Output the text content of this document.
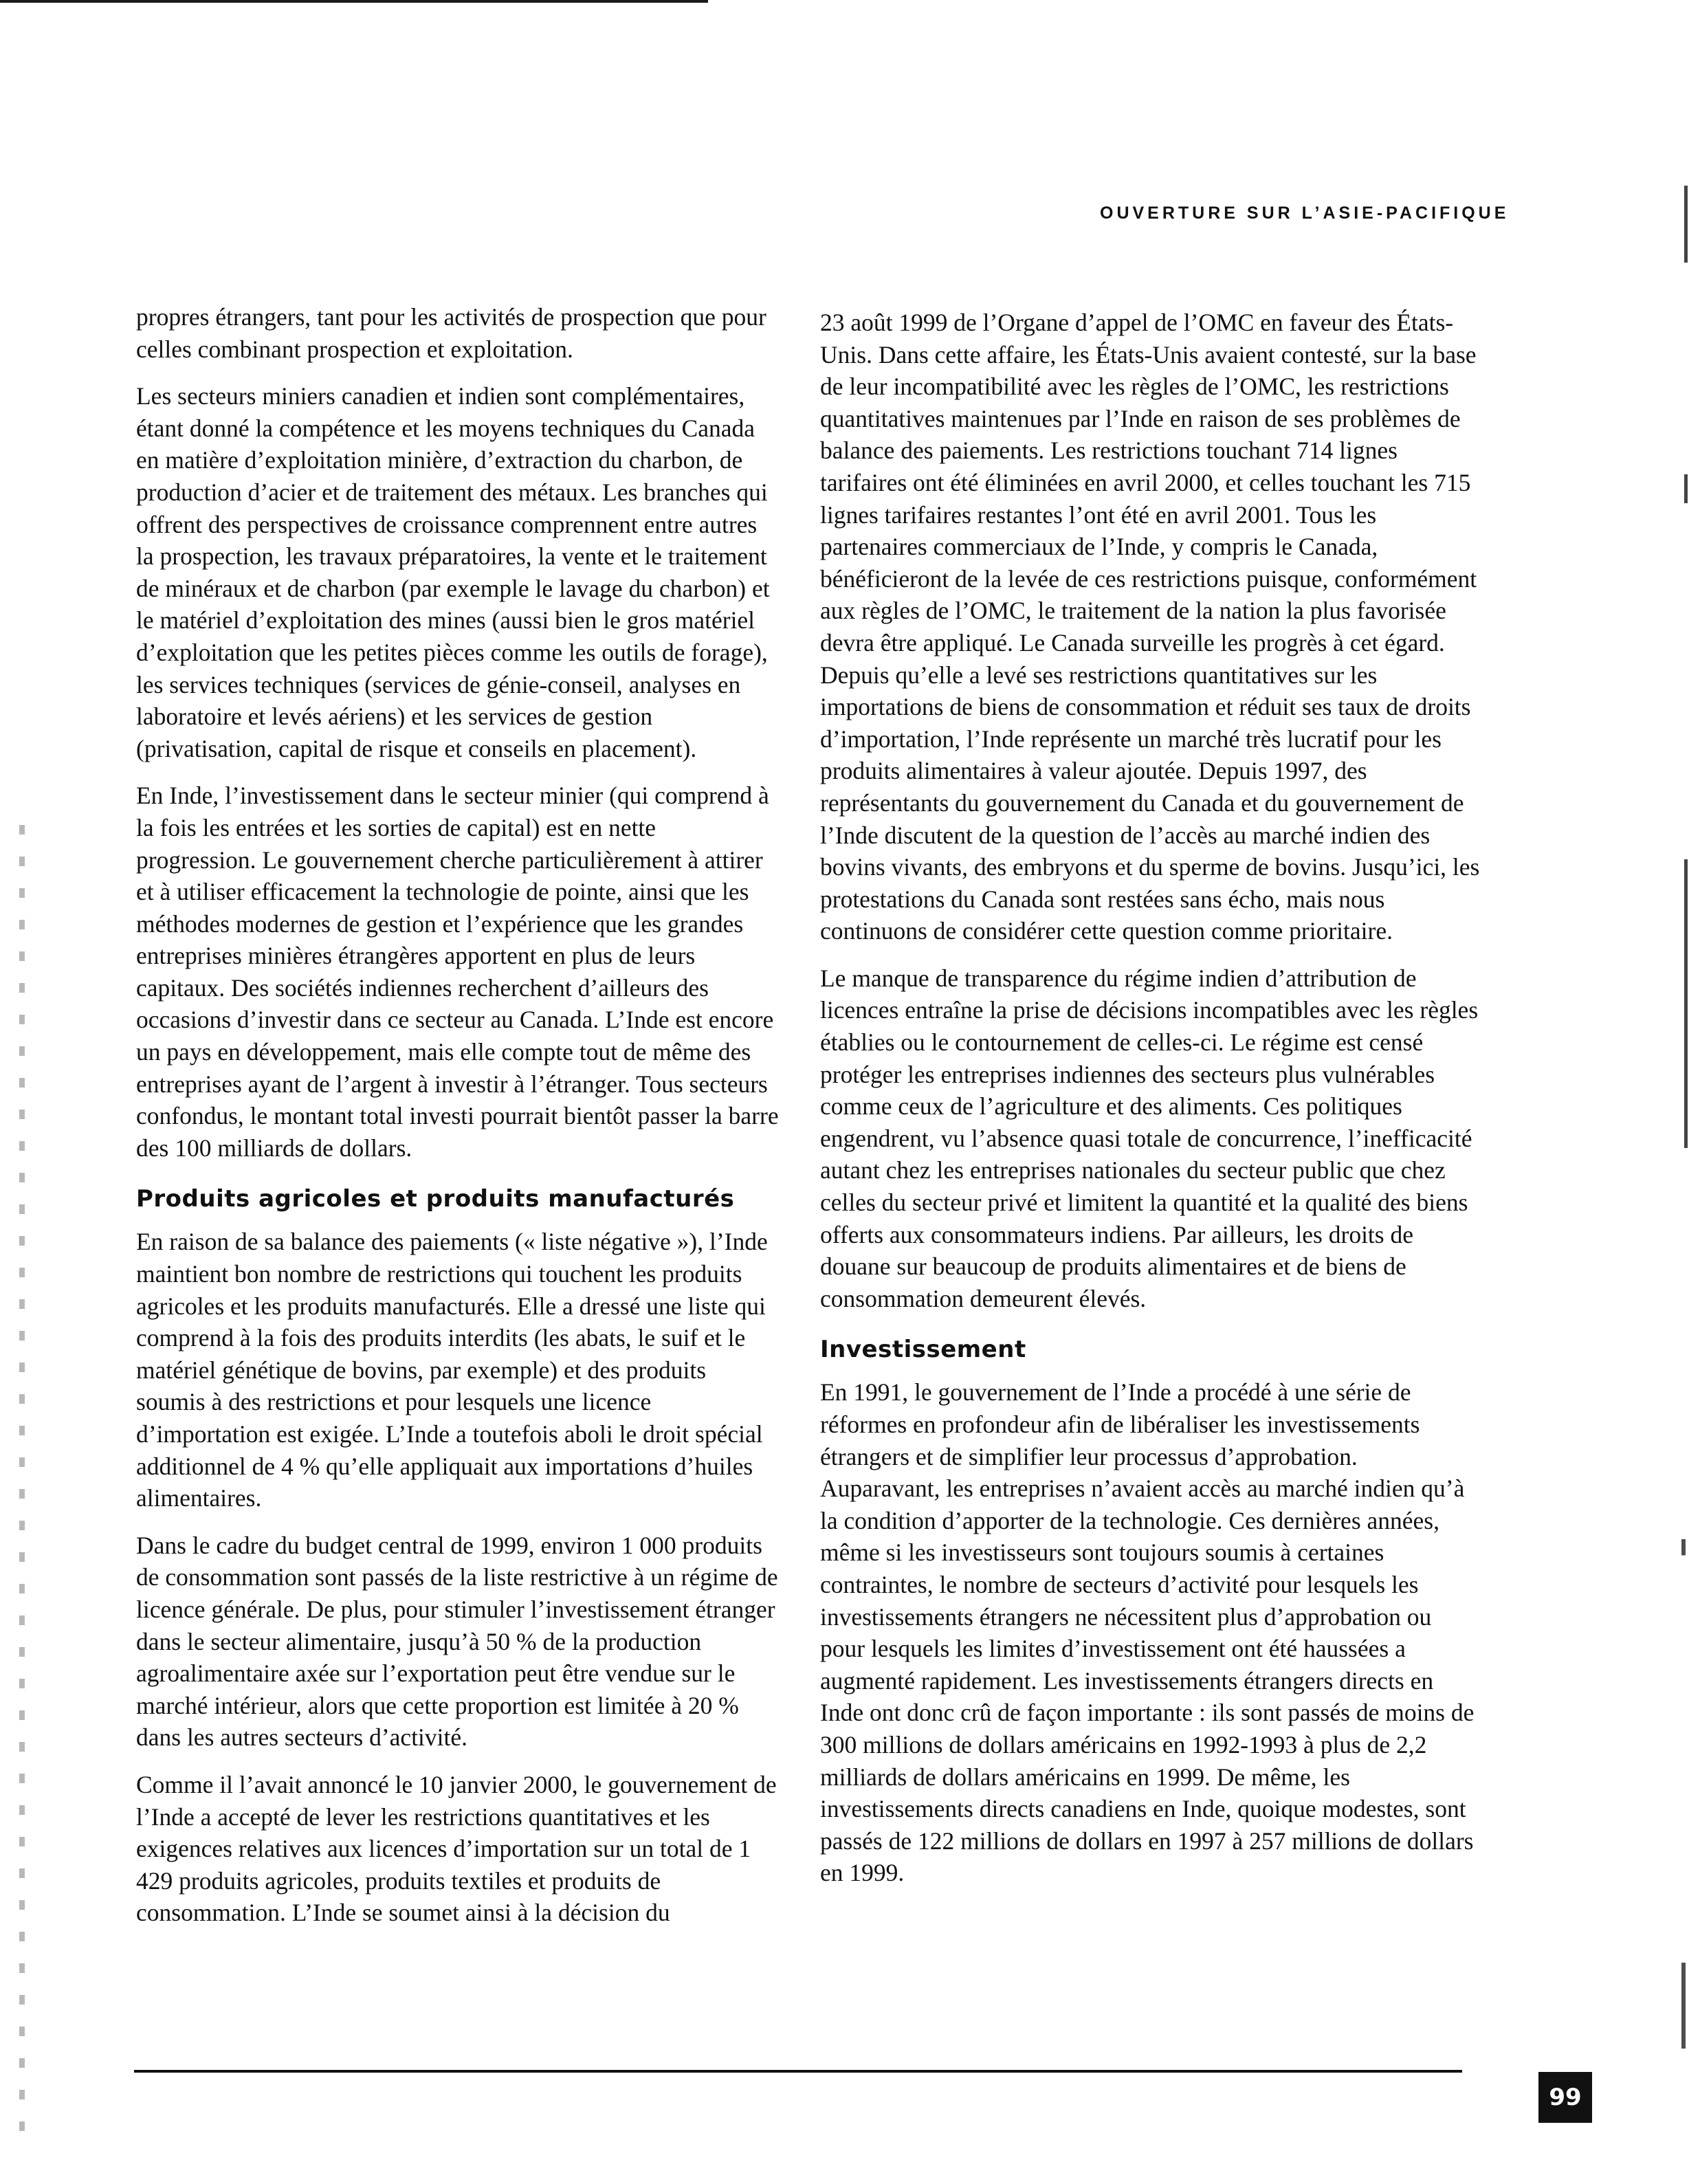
OUVERTURE SUR L’ASIE-PACIFIQUE

propres étrangers, tant pour les activités de prospection que pour celles combinant prospection et exploitation.

Les secteurs miniers canadien et indien sont complémentaires, étant donné la compétence et les moyens techniques du Canada en matière d’exploitation minière, d’extraction du charbon, de production d’acier et de traitement des métaux. Les branches qui offrent des perspectives de croissance comprennent entre autres la prospection, les travaux préparatoires, la vente et le traitement de minéraux et de charbon (par exemple le lavage du charbon) et le matériel d’exploitation des mines (aussi bien le gros matériel d’exploitation que les petites pièces comme les outils de forage), les services techniques (services de génie-conseil, analyses en laboratoire et levés aériens) et les services de gestion (privatisation, capital de risque et conseils en placement).

En Inde, l’investissement dans le secteur minier (qui comprend à la fois les entrées et les sorties de capital) est en nette progression. Le gouvernement cherche particulièrement à attirer et à utiliser efficacement la technologie de pointe, ainsi que les méthodes modernes de gestion et l’expérience que les grandes entreprises minières étrangères apportent en plus de leurs capitaux. Des sociétés indiennes recherchent d’ailleurs des occasions d’investir dans ce secteur au Canada. L’Inde est encore un pays en développement, mais elle compte tout de même des entreprises ayant de l’argent à investir à l’étranger. Tous secteurs confondus, le montant total investi pourrait bientôt passer la barre des 100 milliards de dollars.

Produits agricoles et produits manufacturés

En raison de sa balance des paiements (« liste négative »), l’Inde maintient bon nombre de restrictions qui touchent les produits agricoles et les produits manufacturés. Elle a dressé une liste qui comprend à la fois des produits interdits (les abats, le suif et le matériel génétique de bovins, par exemple) et des produits soumis à des restrictions et pour lesquels une licence d’importation est exigée. L’Inde a toutefois aboli le droit spécial additionnel de 4 % qu’elle appliquait aux importations d’huiles alimentaires.

Dans le cadre du budget central de 1999, environ 1 000 produits de consommation sont passés de la liste restrictive à un régime de licence générale. De plus, pour stimuler l’investissement étranger dans le secteur alimentaire, jusqu’à 50 % de la production agroalimentaire axée sur l’exportation peut être vendue sur le marché intérieur, alors que cette proportion est limitée à 20 % dans les autres secteurs d’activité.

Comme il l’avait annoncé le 10 janvier 2000, le gouvernement de l’Inde a accepté de lever les restrictions quantitatives et les exigences relatives aux licences d’importation sur un total de 1 429 produits agricoles, produits textiles et produits de consommation. L’Inde se soumet ainsi à la décision du

23 août 1999 de l’Organe d’appel de l’OMC en faveur des États-Unis. Dans cette affaire, les États-Unis avaient contesté, sur la base de leur incompatibilité avec les règles de l’OMC, les restrictions quantitatives maintenues par l’Inde en raison de ses problèmes de balance des paiements. Les restrictions touchant 714 lignes tarifaires ont été éliminées en avril 2000, et celles touchant les 715 lignes tarifaires restantes l’ont été en avril 2001. Tous les partenaires commerciaux de l’Inde, y compris le Canada, bénéficieront de la levée de ces restrictions puisque, conformément aux règles de l’OMC, le traitement de la nation la plus favorisée devra être appliqué. Le Canada surveille les progrès à cet égard. Depuis qu’elle a levé ses restrictions quantitatives sur les importations de biens de consommation et réduit ses taux de droits d’importation, l’Inde représente un marché très lucratif pour les produits alimentaires à valeur ajoutée. Depuis 1997, des représentants du gouvernement du Canada et du gouvernement de l’Inde discutent de la question de l’accès au marché indien des bovins vivants, des embryons et du sperme de bovins. Jusqu’ici, les protestations du Canada sont restées sans écho, mais nous continuons de considérer cette question comme prioritaire.

Le manque de transparence du régime indien d’attribution de licences entraîne la prise de décisions incompatibles avec les règles établies ou le contournement de celles-ci. Le régime est censé protéger les entreprises indiennes des secteurs plus vulnérables comme ceux de l’agriculture et des aliments. Ces politiques engendrent, vu l’absence quasi totale de concurrence, l’inefficacité autant chez les entreprises nationales du secteur public que chez celles du secteur privé et limitent la quantité et la qualité des biens offerts aux consommateurs indiens. Par ailleurs, les droits de douane sur beaucoup de produits alimentaires et de biens de consommation demeurent élevés.

Investissement

En 1991, le gouvernement de l’Inde a procédé à une série de réformes en profondeur afin de libéraliser les investissements étrangers et de simplifier leur processus d’approbation. Auparavant, les entreprises n’avaient accès au marché indien qu’à la condition d’apporter de la technologie. Ces dernières années, même si les investisseurs sont toujours soumis à certaines contraintes, le nombre de secteurs d’activité pour lesquels les investissements étrangers ne nécessitent plus d’approbation ou pour lesquels les limites d’investissement ont été haussées a augmenté rapidement. Les investissements étrangers directs en Inde ont donc crû de façon importante : ils sont passés de moins de 300 millions de dollars américains en 1992-1993 à plus de 2,2 milliards de dollars américains en 1999. De même, les investissements directs canadiens en Inde, quoique modestes, sont passés de 122 millions de dollars en 1997 à 257 millions de dollars en 1999.

99
